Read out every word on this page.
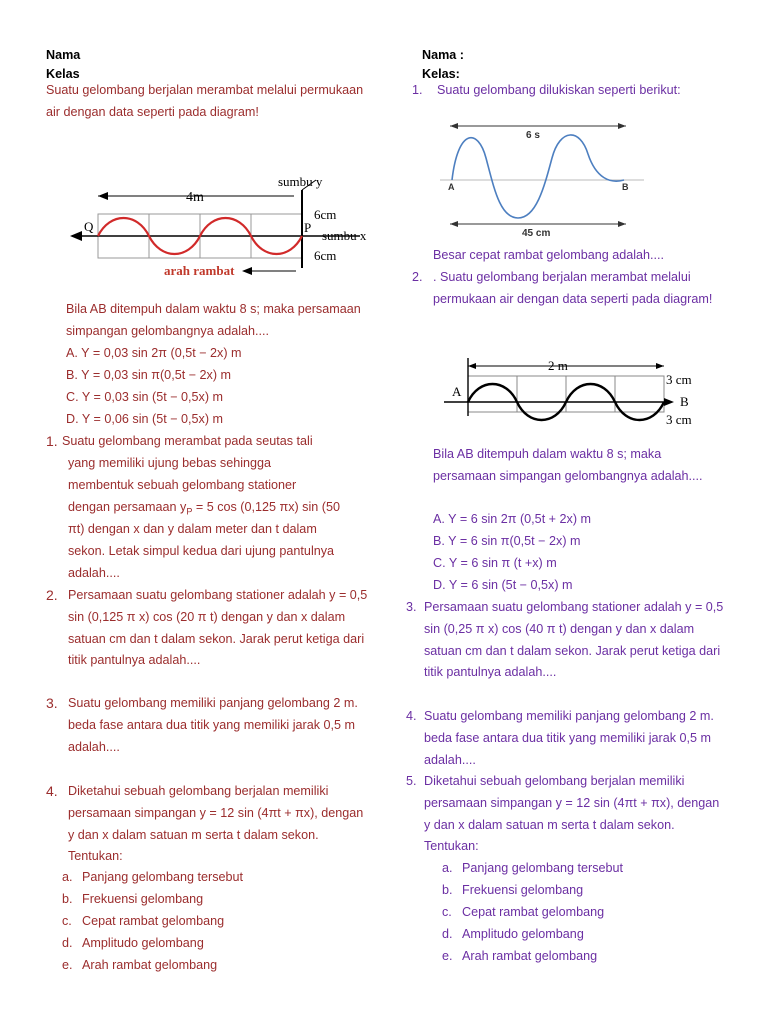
Nama
Kelas
Suatu gelombang berjalan merambat melalui permukaan air dengan data seperti pada diagram!
4m
sumbu y
Q	P
6cm
sumbu x
6cm
arah rambat
Bila AB ditempuh dalam waktu 8 s; maka persamaan simpangan gelombangnya adalah....
A. Y = 0,03 sin 2π (0,5t − 2x) m
B. Y = 0,03 sin π(0,5t − 2x) m
C. Y = 0,03 sin (5t − 0,5x) m
D. Y = 0,06 sin (5t − 0,5x) m
1. Suatu gelombang merambat pada seutas tali
yang memiliki ujung bebas sehingga
membentuk sebuah gelombang stationer
dengan persamaan $y_P = 5$ cos (0,125 πx) sin (50
πt) dengan x dan y dalam meter dan t dalam
sekon. Letak simpul kedua dari ujung pantulnya
adalah....
2. Persamaan suatu gelombang stationer adalah y = 0,5 sin (0,125 π x) cos (20 π t) dengan y dan x dalam satuan cm dan t dalam sekon. Jarak perut ketiga dari titik pantulnya adalah....
3. Suatu gelombang memiliki panjang gelombang 2 m. beda fase antara dua titik yang memiliki jarak 0,5 m adalah....
4. Diketahui sebuah gelombang berjalan memiliki persamaan simpangan y = 12 sin (4πt + πx), dengan y dan x dalam satuan m serta t dalam sekon. Tentukan:
a. Panjang gelombang tersebut
b. Frekuensi gelombang
c. Cepat rambat gelombang
d. Amplitudo gelombang
e. Arah rambat gelombang
Nama :
Kelas:
1. Suatu gelombang dilukiskan seperti berikut:
6 s
A	B
45 cm
Besar cepat rambat gelombang adalah....
2. . Suatu gelombang berjalan merambat melalui permukaan air dengan data seperti pada diagram!
2 m
A
3 cm
B
3 cm
Bila AB ditempuh dalam waktu 8 s; maka persamaan simpangan gelombangnya adalah....
A. Y = 6 sin 2π (0,5t + 2x) m
B. Y = 6 sin π(0,5t − 2x) m
C. Y = 6 sin π (t +x) m
D. Y = 6 sin (5t − 0,5x) m
3. Persamaan suatu gelombang stationer adalah y = 0,5 sin (0,25 π x) cos (40 π t) dengan y dan x dalam satuan cm dan t dalam sekon. Jarak perut ketiga dari titik pantulnya adalah....
4. Suatu gelombang memiliki panjang gelombang 2 m. beda fase antara dua titik yang memiliki jarak 0,5 m adalah....
5. Diketahui sebuah gelombang berjalan memiliki persamaan simpangan y = 12 sin (4πt + πx), dengan y dan x dalam satuan m serta t dalam sekon. Tentukan:
a. Panjang gelombang tersebut
b. Frekuensi gelombang
c. Cepat rambat gelombang
d. Amplitudo gelombang
e. Arah rambat gelombang
